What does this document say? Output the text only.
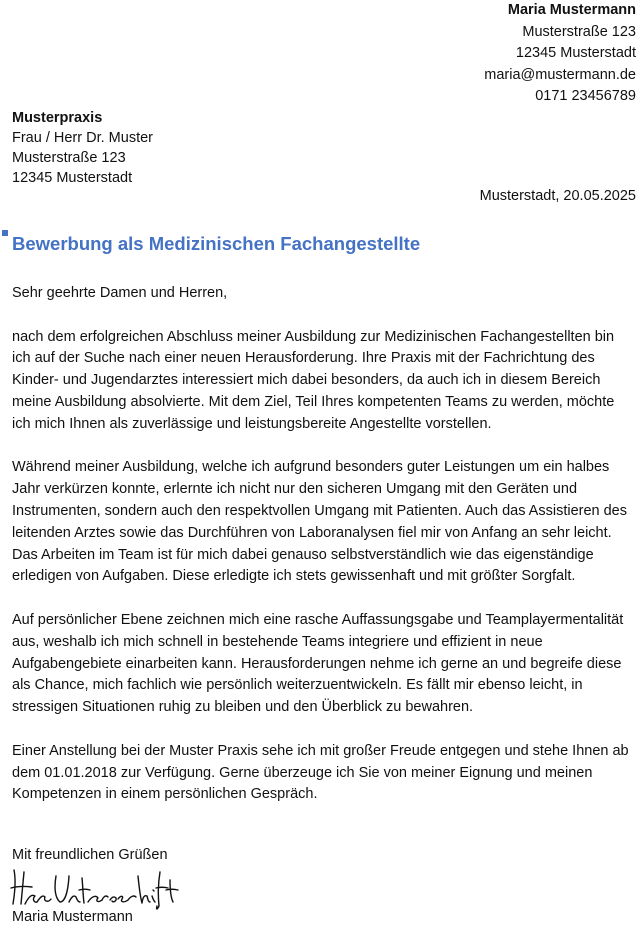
Maria Mustermann
Musterstraße 123
12345 Musterstadt
maria@mustermann.de
0171 23456789
Musterpraxis
Frau / Herr Dr. Muster
Musterstraße 123
12345 Musterstadt
Musterstadt, 20.05.2025
Bewerbung als Medizinischen Fachangestellte

Sehr geehrte Damen und Herren,

nach dem erfolgreichen Abschluss meiner Ausbildung zur Medizinischen Fachangestellten bin ich auf der Suche nach einer neuen Herausforderung. Ihre Praxis mit der Fachrichtung des Kinder- und Jugendarztes interessiert mich dabei besonders, da auch ich in diesem Bereich meine Ausbildung absolvierte. Mit dem Ziel, Teil Ihres kompetenten Teams zu werden, möchte ich mich Ihnen als zuverlässige und leistungsbereite Angestellte vorstellen.

Während meiner Ausbildung, welche ich aufgrund besonders guter Leistungen um ein halbes Jahr verkürzen konnte, erlernte ich nicht nur den sicheren Umgang mit den Geräten und Instrumenten, sondern auch den respektvollen Umgang mit Patienten. Auch das Assistieren des leitenden Arztes sowie das Durchführen von Laboranalysen fiel mir von Anfang an sehr leicht. Das Arbeiten im Team ist für mich dabei genauso selbstverständlich wie das eigenständige erledigen von Aufgaben. Diese erledigte ich stets gewissenhaft und mit größter Sorgfalt.

Auf persönlicher Ebene zeichnen mich eine rasche Auffassungsgabe und Teamplayermentalität aus, weshalb ich mich schnell in bestehende Teams integriere und effizient in neue Aufgabengebiete einarbeiten kann. Herausforderungen nehme ich gerne an und begreife diese als Chance, mich fachlich wie persönlich weiterzuentwickeln. Es fällt mir ebenso leicht, in stressigen Situationen ruhig zu bleiben und den Überblick zu bewahren.

Einer Anstellung bei der Muster Praxis sehe ich mit großer Freude entgegen und stehe Ihnen ab dem 01.01.2018 zur Verfügung. Gerne überzeuge ich Sie von meiner Eignung und meinen Kompetenzen in einem persönlichen Gespräch.

Mit freundlichen Grüßen
Maria Mustermann
